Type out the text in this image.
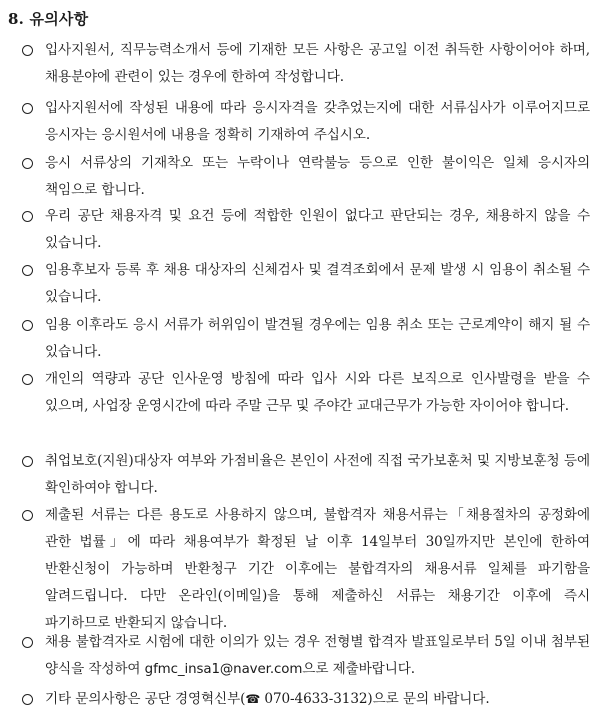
8. 유의사항
입사지원서, 직무능력소개서 등에 기재한 모든 사항은 공고일 이전 취득한 사항이어야 하며, 채용분야에 관련이 있는 경우에 한하여 작성합니다.
입사지원서에 작성된 내용에 따라 응시자격을 갖추었는지에 대한 서류심사가 이루어지므로 응시자는 응시원서에 내용을 정확히 기재하여 주십시오.
응시 서류상의 기재착오 또는 누락이나 연락불능 등으로 인한 불이익은 일체 응시자의 책임으로 합니다.
우리 공단 채용자격 및 요건 등에 적합한 인원이 없다고 판단되는 경우, 채용하지 않을 수 있습니다.
임용후보자 등록 후 채용 대상자의 신체검사 및 결격조회에서 문제 발생 시 임용이 취소될 수 있습니다.
임용 이후라도 응시 서류가 허위임이 발견될 경우에는 임용 취소 또는 근로계약이 해지 될 수 있습니다.
개인의 역량과 공단 인사운영 방침에 따라 입사 시와 다른 보직으로 인사발령을 받을 수 있으며, 사업장 운영시간에 따라 주말 근무 및 주야간 교대근무가 가능한 자이어야 합니다.
취업보호(지원)대상자 여부와 가점비율은 본인이 사전에 직접 국가보훈처 및 지방보훈청 등에 확인하여야 합니다.
제출된 서류는 다른 용도로 사용하지 않으며, 불합격자 채용서류는「채용절차의 공정화에 관한 법률」에 따라 채용여부가 확정된 날 이후 14일부터 30일까지만 본인에 한하여 반환신청이 가능하며 반환청구 기간 이후에는 불합격자의 채용서류 일체를 파기함을 알려드립니다. 다만 온라인(이메일)을 통해 제출하신 서류는 채용기간 이후에 즉시 파기하므로 반환되지 않습니다.
채용 불합격자로 시험에 대한 이의가 있는 경우 전형별 합격자 발표일로부터 5일 이내 첨부된 양식을 작성하여 gfmc_insa1@naver.com으로 제출바랍니다.
기타 문의사항은 공단 경영혁신부(☎ 070-4633-3132)으로 문의 바랍니다.
